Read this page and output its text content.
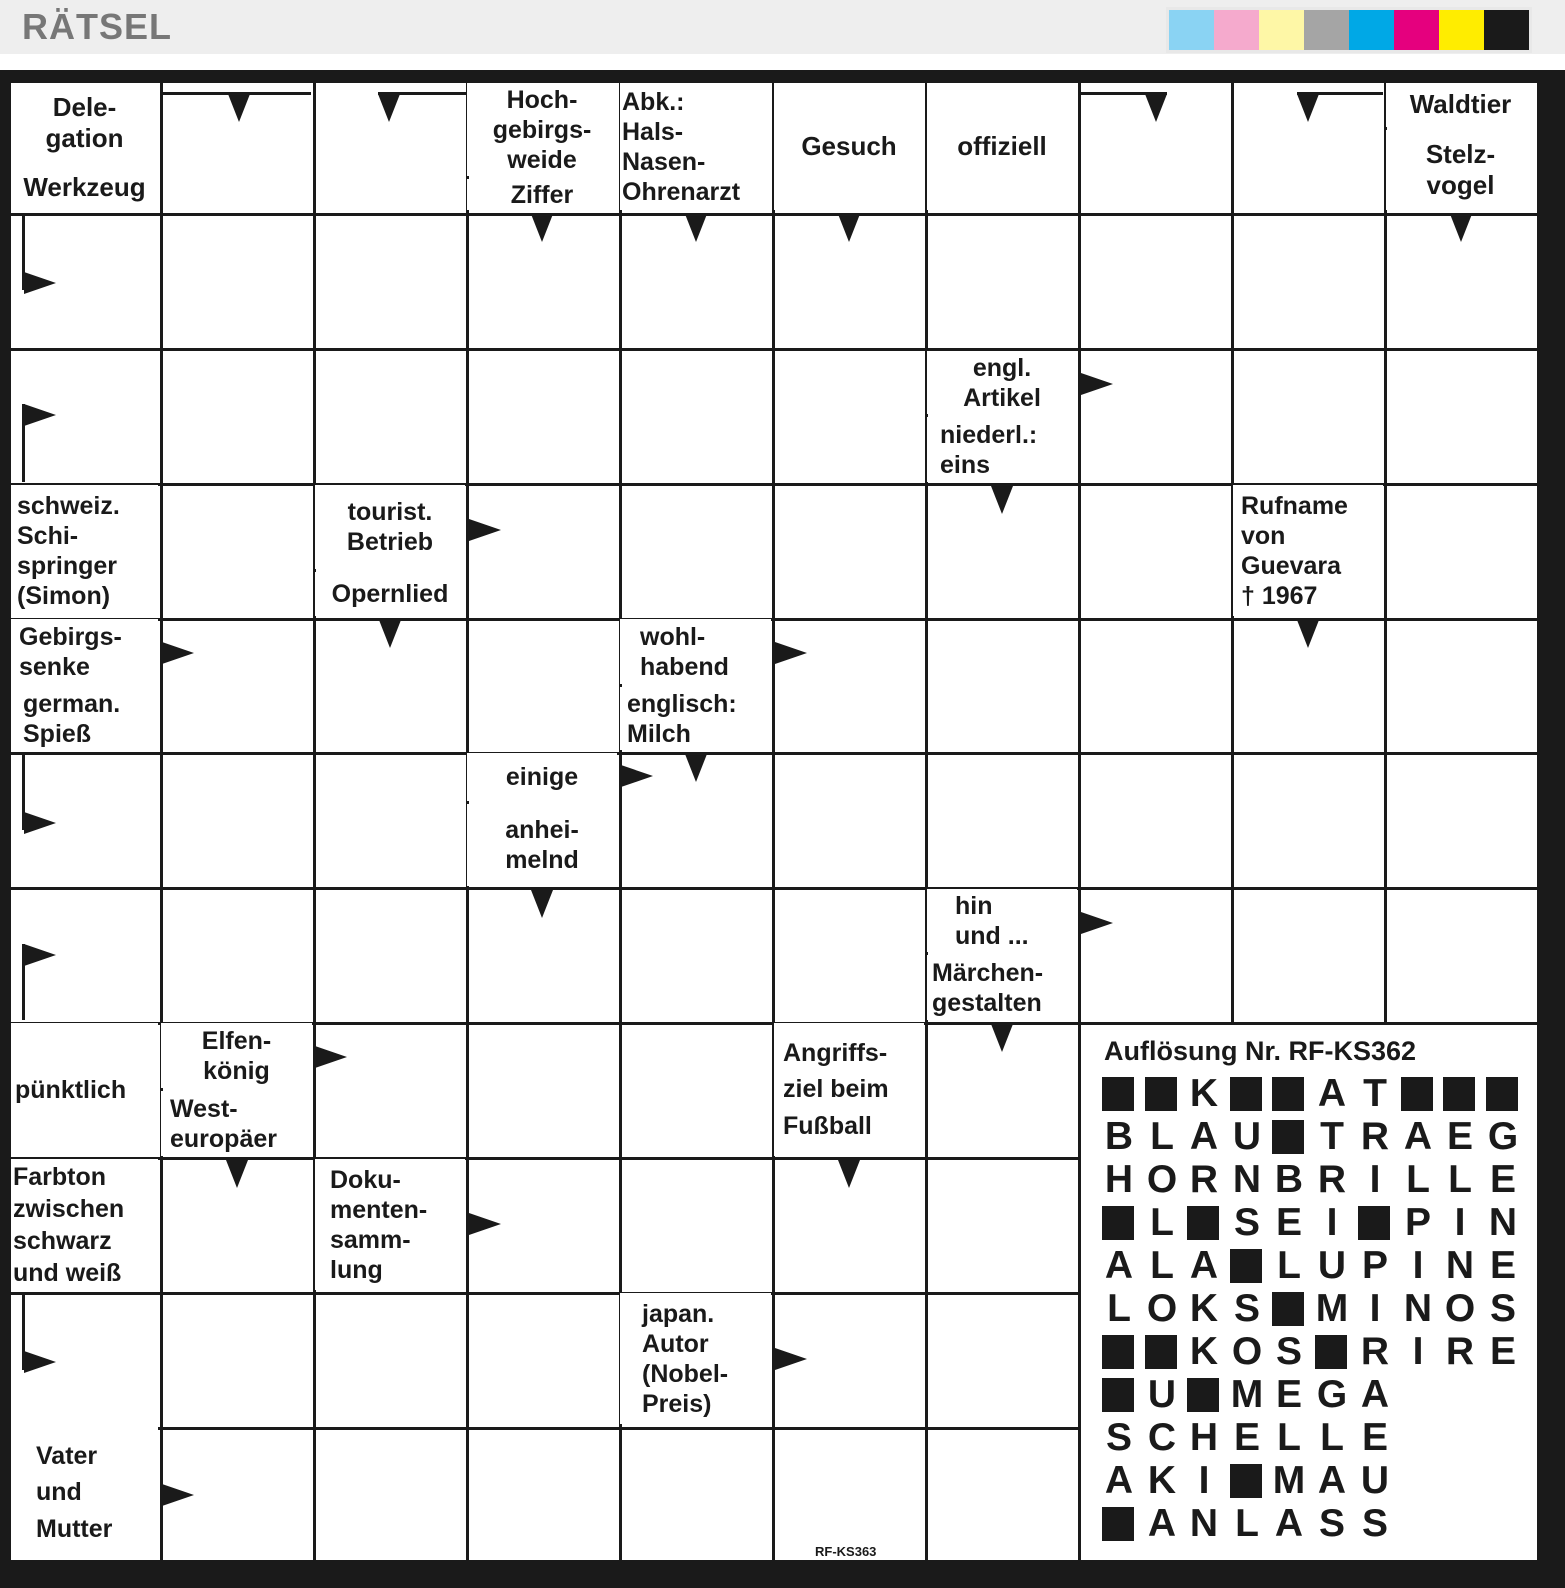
RÄTSEL
Dele-
gation
Werkzeug
Hoch-
gebirgs-
weide
Ziffer
Abk.:
Hals-
Nasen-
Ohrenarzt
Gesuch	offiziell
Waldtier
Stelz-
vogel
engl.
Artikel
niederl.:
eins
schweiz.
Schi-
springer
(Simon)
tourist.
Betrieb
Opernlied
Rufname
von
Guevara
† 1967
Gebirgs-
senke
german.
Spieß
wohl-
habend
englisch:
Milch
einige
anhei-
melnd
hin
und ...
Märchen-
gestalten
pünktlich
Elfen-
könig
West-
europäer
Angriffs-
ziel beim
Fußball
Farbton
zwischen
schwarz
und weiß
Doku-
menten-
samm-
lung
japan.
Autor
(Nobel-
Preis)
Vater
und
Mutter
Auflösung Nr. RF-KS362
K	A T
B L A U T R A E G
H O R N B R I L L E
L S E I P I N
A L A L U P I N E
L O K S M I N O S
K O S R I R E
U M E G A
S C H E L L E
A K I M A U
A N L A S S
RF-KS363
